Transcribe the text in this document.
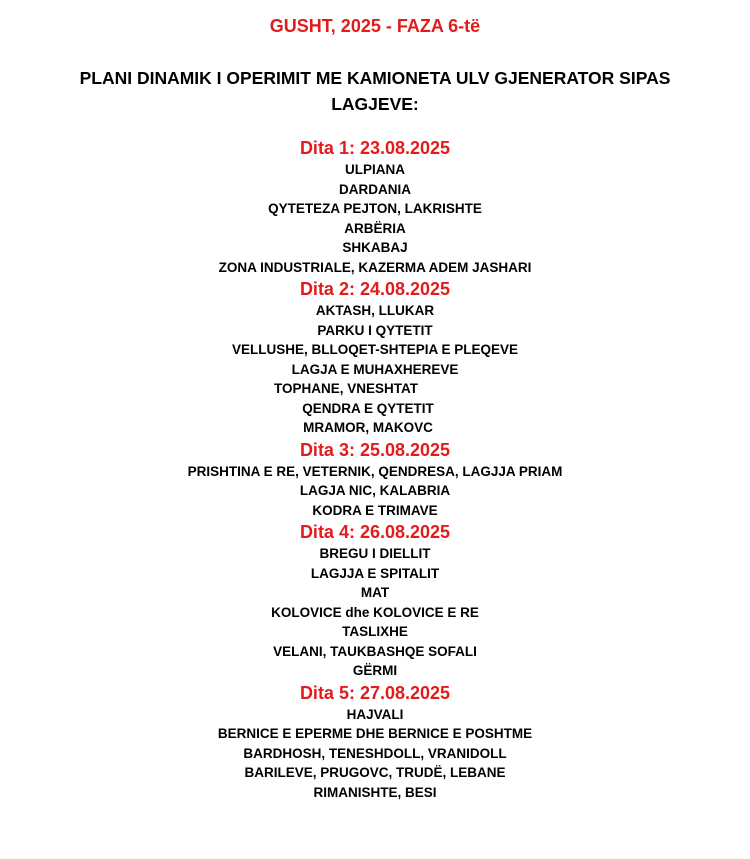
GUSHT, 2025 - FAZA 6-të

PLANI DINAMIK I OPERIMIT ME KAMIONETA ULV GJENERATOR SIPAS LAGJEVE:

Dita 1: 23.08.2025

ULPIANA

DARDANIA

QYTETEZA PEJTON, LAKRISHTE

ARBËRIA

SHKABAJ

ZONA INDUSTRIALE, KAZERMA ADEM JASHARI

Dita 2: 24.08.2025

AKTASH, LLUKAR

PARKU I QYTETIT

VELLUSHE, BLLOQET-SHTEPIA E PLEQEVE

LAGJA E MUHAXHEREVE

TOPHANE, VNESHTAT

QENDRA E QYTETIT

MRAMOR, MAKOVC

Dita 3: 25.08.2025

PRISHTINA E RE, VETERNIK, QENDRESA, LAGJJA PRIAM

LAGJA NIC, KALABRIA

KODRA E TRIMAVE

Dita 4: 26.08.2025

BREGU I DIELLIT

LAGJJA E SPITALIT

MAT

KOLOVICE dhe KOLOVICE E RE

TASLIXHE

VELANI, TAUKBASHQE SOFALI

GËRMI

Dita 5: 27.08.2025

HAJVALI

BERNICE E EPERME DHE BERNICE E POSHTME

BARDHOSH, TENESHDOLL, VRANIDOLL

BARILEVE, PRUGOVC, TRUDË, LEBANE

RIMANISHTE, BESI
